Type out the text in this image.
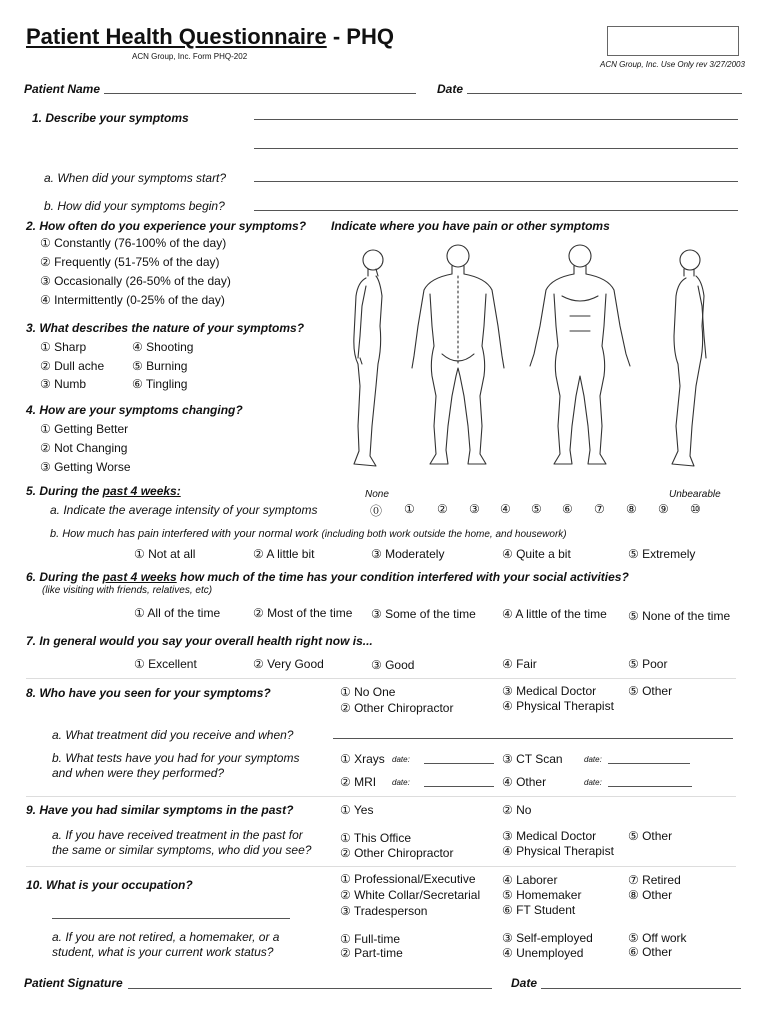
Patient Health Questionnaire - PHQ
ACN Group, Inc. Form PHQ-202
ACN Group, Inc. Use Only rev 3/27/2003
Patient Name	Date
1. Describe your symptoms
a. When did your symptoms start?
b. How did your symptoms begin?
2. How often do you experience your symptoms? Indicate where you have pain or other symptoms
① Constantly (76-100% of the day)
② Frequently (51-75% of the day)
③ Occasionally (26-50% of the day)
④ Intermittently (0-25% of the day)
3. What describes the nature of your symptoms?
① Sharp	④ Shooting
② Dull ache ⑤ Burning
③ Numb	⑥ Tingling
4. How are your symptoms changing?
① Getting Better
② Not Changing
③ Getting Worse
5. During the past 4 weeks:	None	Unbearable
a. Indicate the average intensity of your symptoms	⓪ ① ② ③ ④ ⑤ ⑥ ⑦ ⑧ ⑨ ⑩
b. How much has pain interfered with your normal work (including both work outside the home, and housework)
① Not at all	② A little bit	③ Moderately	④ Quite a bit	⑤ Extremely
6. During the past 4 weeks how much of the time has your condition interfered with your social activities?
(like visiting with friends, relatives, etc)
① All of the time	② Most of the time ③ Some of the time ④ A little of the time ⑤ None of the time
7. In general would you say your overall health right now is...
① Excellent	② Very Good	③ Good	④ Fair	⑤ Poor
8. Who have you seen for your symptoms?	① No One
② Other Chiropractor
③ Medical Doctor
④ Physical Therapist
⑤ Other
a. What treatment did you receive and when?
b. What tests have you had for your symptoms
and when were they performed?
① Xrays date:
② MRI date:
③ CT Scan	date:
④ Other	date:
9. Have you had similar symptoms in the past?	① Yes	② No
a. If you have received treatment in the past for
the same or similar symptoms, who did you see?
① This Office
② Other Chiropractor
③ Medical Doctor
④ Physical Therapist
⑤ Other
10. What is your occupation?	① Professional/Executive
② White Collar/Secretarial
③ Tradesperson
④ Laborer
⑤ Homemaker
⑥ FT Student
⑦ Retired
⑧ Other
a. If you are not retired, a homemaker, or a
student, what is your current work status?
① Full-time
② Part-time
③ Self-employed
④ Unemployed
⑤ Off work
⑥ Other
Patient Signature	Date
